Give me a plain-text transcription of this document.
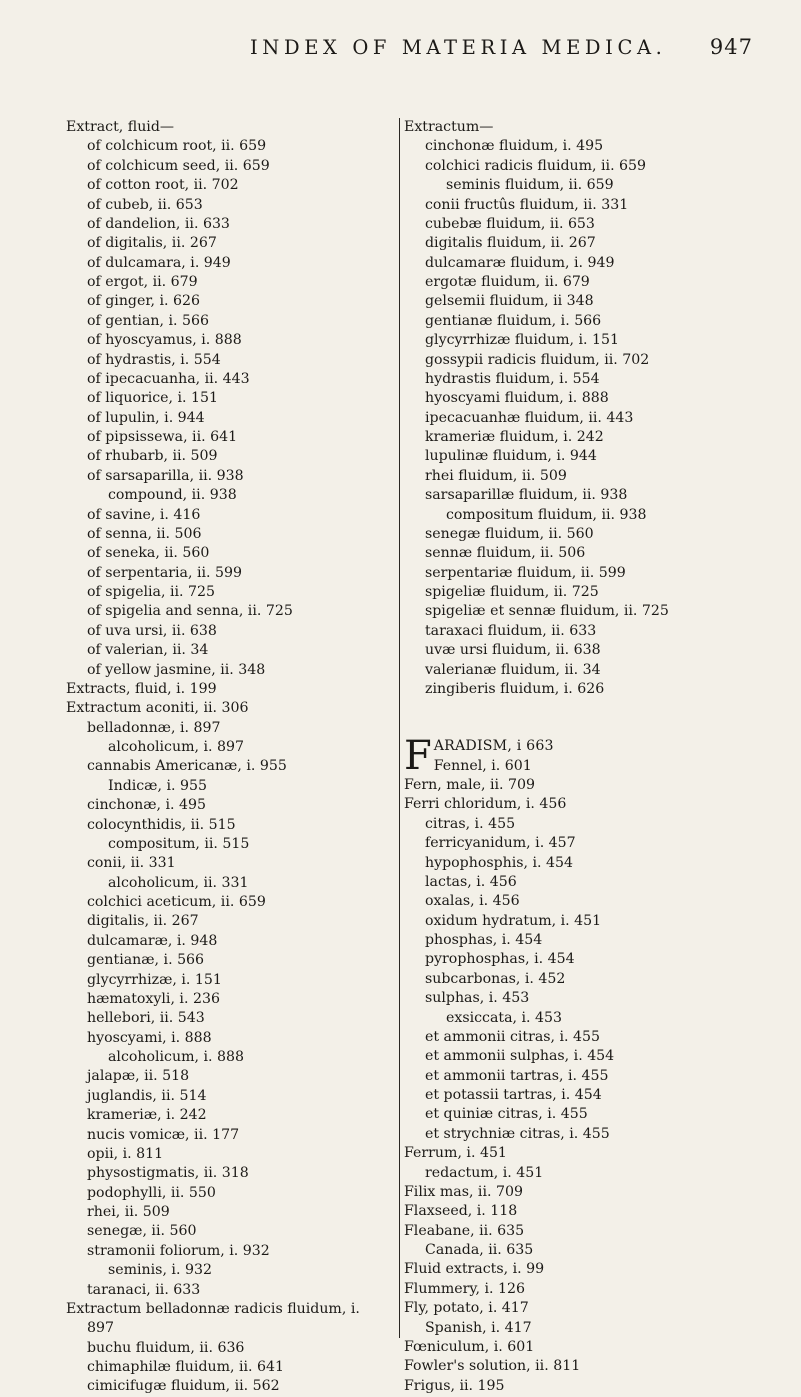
INDEX OF MATERIA MEDICA. 947
Extract, fluid—
of colchicum root, ii. 659
of colchicum seed, ii. 659
of cotton root, ii. 702
of cubeb, ii. 653
of dandelion, ii. 633
of digitalis, ii. 267
of dulcamara, i. 949
of ergot, ii. 679
of ginger, i. 626
of gentian, i. 566
of hyoscyamus, i. 888
of hydrastis, i. 554
of ipecacuanha, ii. 443
of liquorice, i. 151
of lupulin, i. 944
of pipsissewa, ii. 641
of rhubarb, ii. 509
of sarsaparilla, ii. 938
compound, ii. 938
of savine, i. 416
of senna, ii. 506
of seneka, ii. 560
of serpentaria, ii. 599
of spigelia, ii. 725
of spigelia and senna, ii. 725
of uva ursi, ii. 638
of valerian, ii. 34
of yellow jasmine, ii. 348
Extracts, fluid, i. 199
Extractum aconiti, ii. 306
belladonnæ, i. 897
alcoholicum, i. 897
cannabis Americanæ, i. 955
Indicæ, i. 955
cinchonæ, i. 495
colocynthidis, ii. 515
compositum, ii. 515
conii, ii. 331
alcoholicum, ii. 331
colchici aceticum, ii. 659
digitalis, ii. 267
dulcamaræ, i. 948
gentianæ, i. 566
glycyrrhizæ, i. 151
hæmatoxyli, i. 236
hellebori, ii. 543
hyoscyami, i. 888
alcoholicum, i. 888
jalapæ, ii. 518
juglandis, ii. 514
krameriæ, i. 242
nucis vomicæ, ii. 177
opii, i. 811
physostigmatis, ii. 318
podophylli, ii. 550
rhei, ii. 509
senegæ, ii. 560
stramonii foliorum, i. 932
seminis, i. 932
taranaci, ii. 633
Extractum belladonnæ radicis fluidum, i.
897
buchu fluidum, ii. 636
chimaphilæ fluidum, ii. 641
cimicifugæ fluidum, ii. 562
Extractum—
cinchonæ fluidum, i. 495
colchici radicis fluidum, ii. 659
seminis fluidum, ii. 659
conii fructûs fluidum, ii. 331
cubebæ fluidum, ii. 653
digitalis fluidum, ii. 267
dulcamaræ fluidum, i. 949
ergotæ fluidum, ii. 679
gelsemii fluidum, ii 348
gentianæ fluidum, i. 566
glycyrrhizæ fluidum, i. 151
gossypii radicis fluidum, ii. 702
hydrastis fluidum, i. 554
hyoscyami fluidum, i. 888
ipecacuanhæ fluidum, ii. 443
krameriæ fluidum, i. 242
lupulinæ fluidum, i. 944
rhei fluidum, ii. 509
sarsaparillæ fluidum, ii. 938
compositum fluidum, ii. 938
senegæ fluidum, ii. 560
sennæ fluidum, ii. 506
serpentariæ fluidum, ii. 599
spigeliæ fluidum, ii. 725
spigeliæ et sennæ fluidum, ii. 725
taraxaci fluidum, ii. 633
uvæ ursi fluidum, ii. 638
valerianæ fluidum, ii. 34
zingiberis fluidum, i. 626
F ARADISM, i 663
Fennel, i. 601
Fern, male, ii. 709
Ferri chloridum, i. 456
citras, i. 455
ferricyanidum, i. 457
hypophosphis, i. 454
lactas, i. 456
oxalas, i. 456
oxidum hydratum, i. 451
phosphas, i. 454
pyrophosphas, i. 454
subcarbonas, i. 452
sulphas, i. 453
exsiccata, i. 453
et ammonii citras, i. 455
et ammonii sulphas, i. 454
et ammonii tartras, i. 455
et potassii tartras, i. 454
et quiniæ citras, i. 455
et strychniæ citras, i. 455
Ferrum, i. 451
redactum, i. 451
Filix mas, ii. 709
Flaxseed, i. 118
Fleabane, ii. 635
Canada, ii. 635
Fluid extracts, i. 99
Flummery, i. 126
Fly, potato, i. 417
Spanish, i. 417
Fœniculum, i. 601
Fowler's solution, ii. 811
Frigus, ii. 195
